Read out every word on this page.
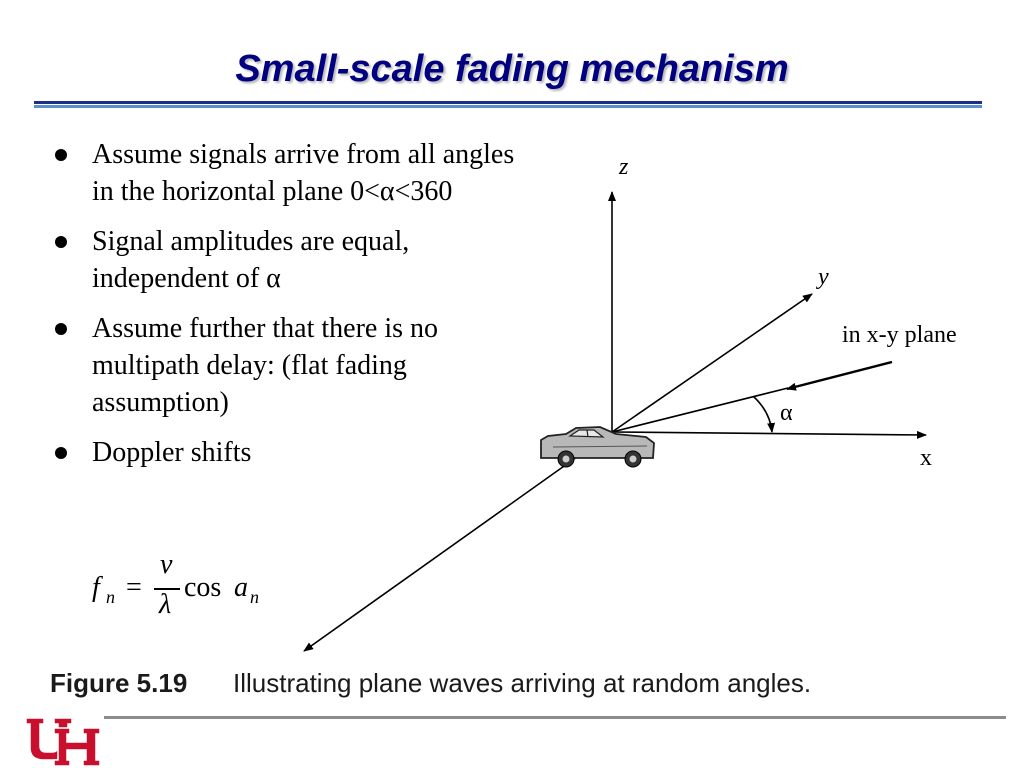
Small-scale fading mechanism
Assume signals arrive from all angles in the horizontal plane 0<α<360
Signal amplitudes are equal, independent of α
Assume further that there is no multipath delay: (flat fading assumption)
Doppler shifts
f n =
v
λ
cos a n
z
y
x
in x-y plane
α
Figure 5.19 Illustrating plane waves arriving at random angles.
